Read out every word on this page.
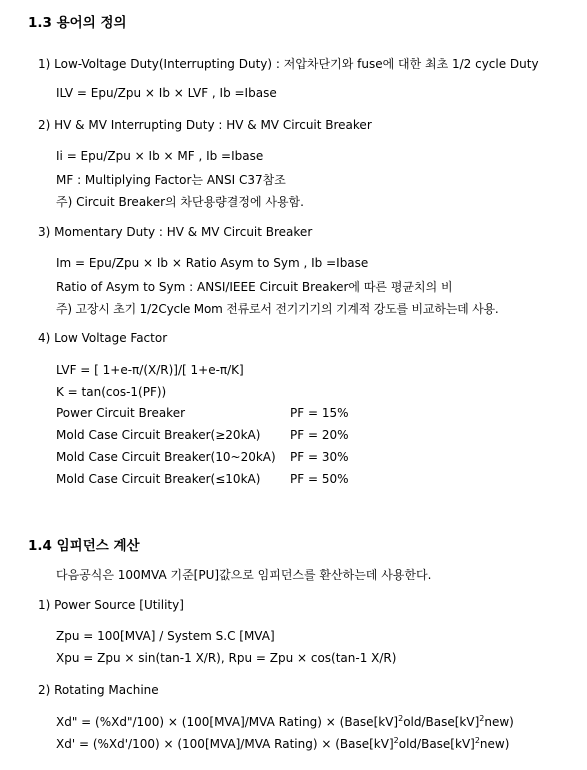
1.3 용어의 정의
1) Low-Voltage Duty(Interrupting Duty) : 저압차단기와 fuse에 대한 최초 1/2 cycle Duty
ILV = Epu/Zpu × Ib × LVF , Ib =Ibase
2) HV & MV Interrupting Duty : HV & MV Circuit Breaker
Ii = Epu/Zpu × Ib × MF , Ib =Ibase
MF : Multiplying Factor는 ANSI C37참조
주) Circuit Breaker의 차단용량결정에 사용함.
3) Momentary Duty : HV & MV Circuit Breaker
Im = Epu/Zpu × Ib × Ratio Asym to Sym , Ib =Ibase
Ratio of Asym to Sym : ANSI/IEEE Circuit Breaker에 따른 평균치의 비
주) 고장시 초기 1/2Cycle Mom 전류로서 전기기기의 기계적 강도를 비교하는데 사용.
4) Low Voltage Factor
LVF = [ 1+e-π/(X/R)]/[ 1+e-π/K]
K = tan(cos-1(PF))
Power Circuit Breaker	PF = 15%
Mold Case Circuit Breaker(≥20kA) PF = 20%
Mold Case Circuit Breaker(10~20kA) PF = 30%
Mold Case Circuit Breaker(≤10kA) PF = 50%
1.4 임피던스 계산
다음공식은 100MVA 기준[PU]값으로 임피던스를 환산하는데 사용한다.
1) Power Source [Utility]
Zpu = 100[MVA] / System S.C [MVA]
Xpu = Zpu × sin(tan-1 X/R), Rpu = Zpu × cos(tan-1 X/R)
2) Rotating Machine
Xd" = (%Xd"/100) × (100[MVA]/MVA Rating) × (Base[kV]$^2$old/Base[kV]$^2$new)
Xd' = (%Xd'/100) × (100[MVA]/MVA Rating) × (Base[kV]$^2$old/Base[kV]$^2$new)
